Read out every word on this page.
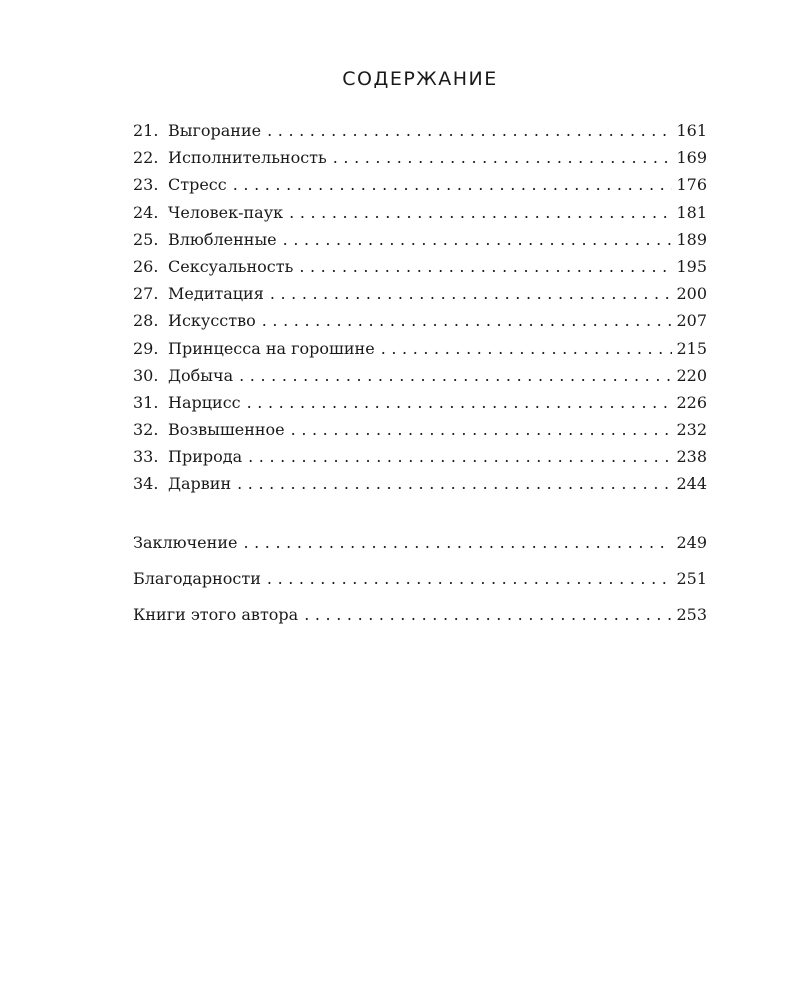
СОДЕРЖАНИЕ
21. Выгорание . . .	161
22. Исполнительность . . .	169
23. Стресс . . .	176
24. Человек-паук . . .	181
25. Влюбленные . . .	189
26. Сексуальность . . .	195
27. Медитация . . .	200
28. Искусство . . .	207
29. Принцесса на горошине . . .	215
30. Добыча . . .	220
31. Нарцисс . . .	226
32. Возвышенное . . .	232
33. Природа . . .	238
34. Дарвин . . .	244
Заключение . . .	249
Благодарности . . .	251
Книги этого автора . . .	253
